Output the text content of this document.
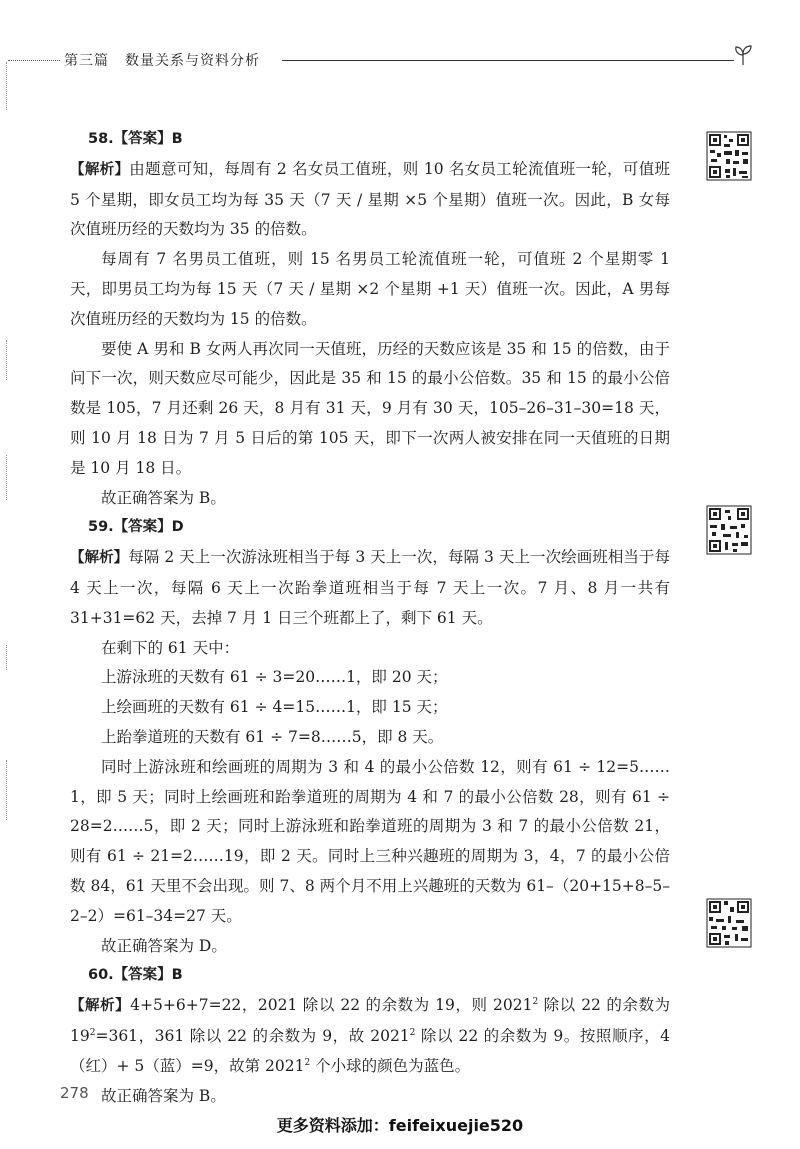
第三篇 数量关系与资料分析

58.【答案】B

【解析】由题意可知，每周有 2 名女员工值班，则 10 名女员工轮流值班一轮，可值班 5 个星期，即女员工均为每 35 天（7 天 / 星期 ×5 个星期）值班一次。因此，B 女每次值班历经的天数均为 35 的倍数。

每周有 7 名男员工值班，则 15 名男员工轮流值班一轮，可值班 2 个星期零 1 天，即男员工均为每 15 天（7 天 / 星期 ×2 个星期 +1 天）值班一次。因此，A 男每次值班历经的天数均为 15 的倍数。

要使 A 男和 B 女两人再次同一天值班，历经的天数应该是 35 和 15 的倍数，由于问下一次，则天数应尽可能少，因此是 35 和 15 的最小公倍数。35 和 15 的最小公倍数是 105，7 月还剩 26 天，8 月有 31 天，9 月有 30 天，105–26–31–30=18 天，则 10 月 18 日为 7 月 5 日后的第 105 天，即下一次两人被安排在同一天值班的日期是 10 月 18 日。

故正确答案为 B。

59.【答案】D

【解析】每隔 2 天上一次游泳班相当于每 3 天上一次，每隔 3 天上一次绘画班相当于每 4 天上一次，每隔 6 天上一次跆拳道班相当于每 7 天上一次。7 月、8 月一共有 31+31=62 天，去掉 7 月 1 日三个班都上了，剩下 61 天。

在剩下的 61 天中：

上游泳班的天数有 61 ÷ 3=20……1，即 20 天；

上绘画班的天数有 61 ÷ 4=15……1，即 15 天；

上跆拳道班的天数有 61 ÷ 7=8……5，即 8 天。

同时上游泳班和绘画班的周期为 3 和 4 的最小公倍数 12，则有 61 ÷ 12=5……1，即 5 天；同时上绘画班和跆拳道班的周期为 4 和 7 的最小公倍数 28，则有 61 ÷ 28=2……5，即 2 天；同时上游泳班和跆拳道班的周期为 3 和 7 的最小公倍数 21，则有 61 ÷ 21=2……19，即 2 天。同时上三种兴趣班的周期为 3，4，7 的最小公倍数 84，61 天里不会出现。则 7、8 两个月不用上兴趣班的天数为 61–（20+15+8–5–2–2）=61–34=27 天。

故正确答案为 D。

60.【答案】B

【解析】4+5+6+7=22，2021 除以 22 的余数为 19，则 2021$^2$ 除以 22 的余数为 $19^2=361$，361 除以 22 的余数为 9，故 2021$^2$ 除以 22 的余数为 9。按照顺序，4（红）+ 5（蓝）=9，故第 2021$^2$ 个小球的颜色为蓝色。

故正确答案为 B。

278
更多资料添加：feifeixuejie520
